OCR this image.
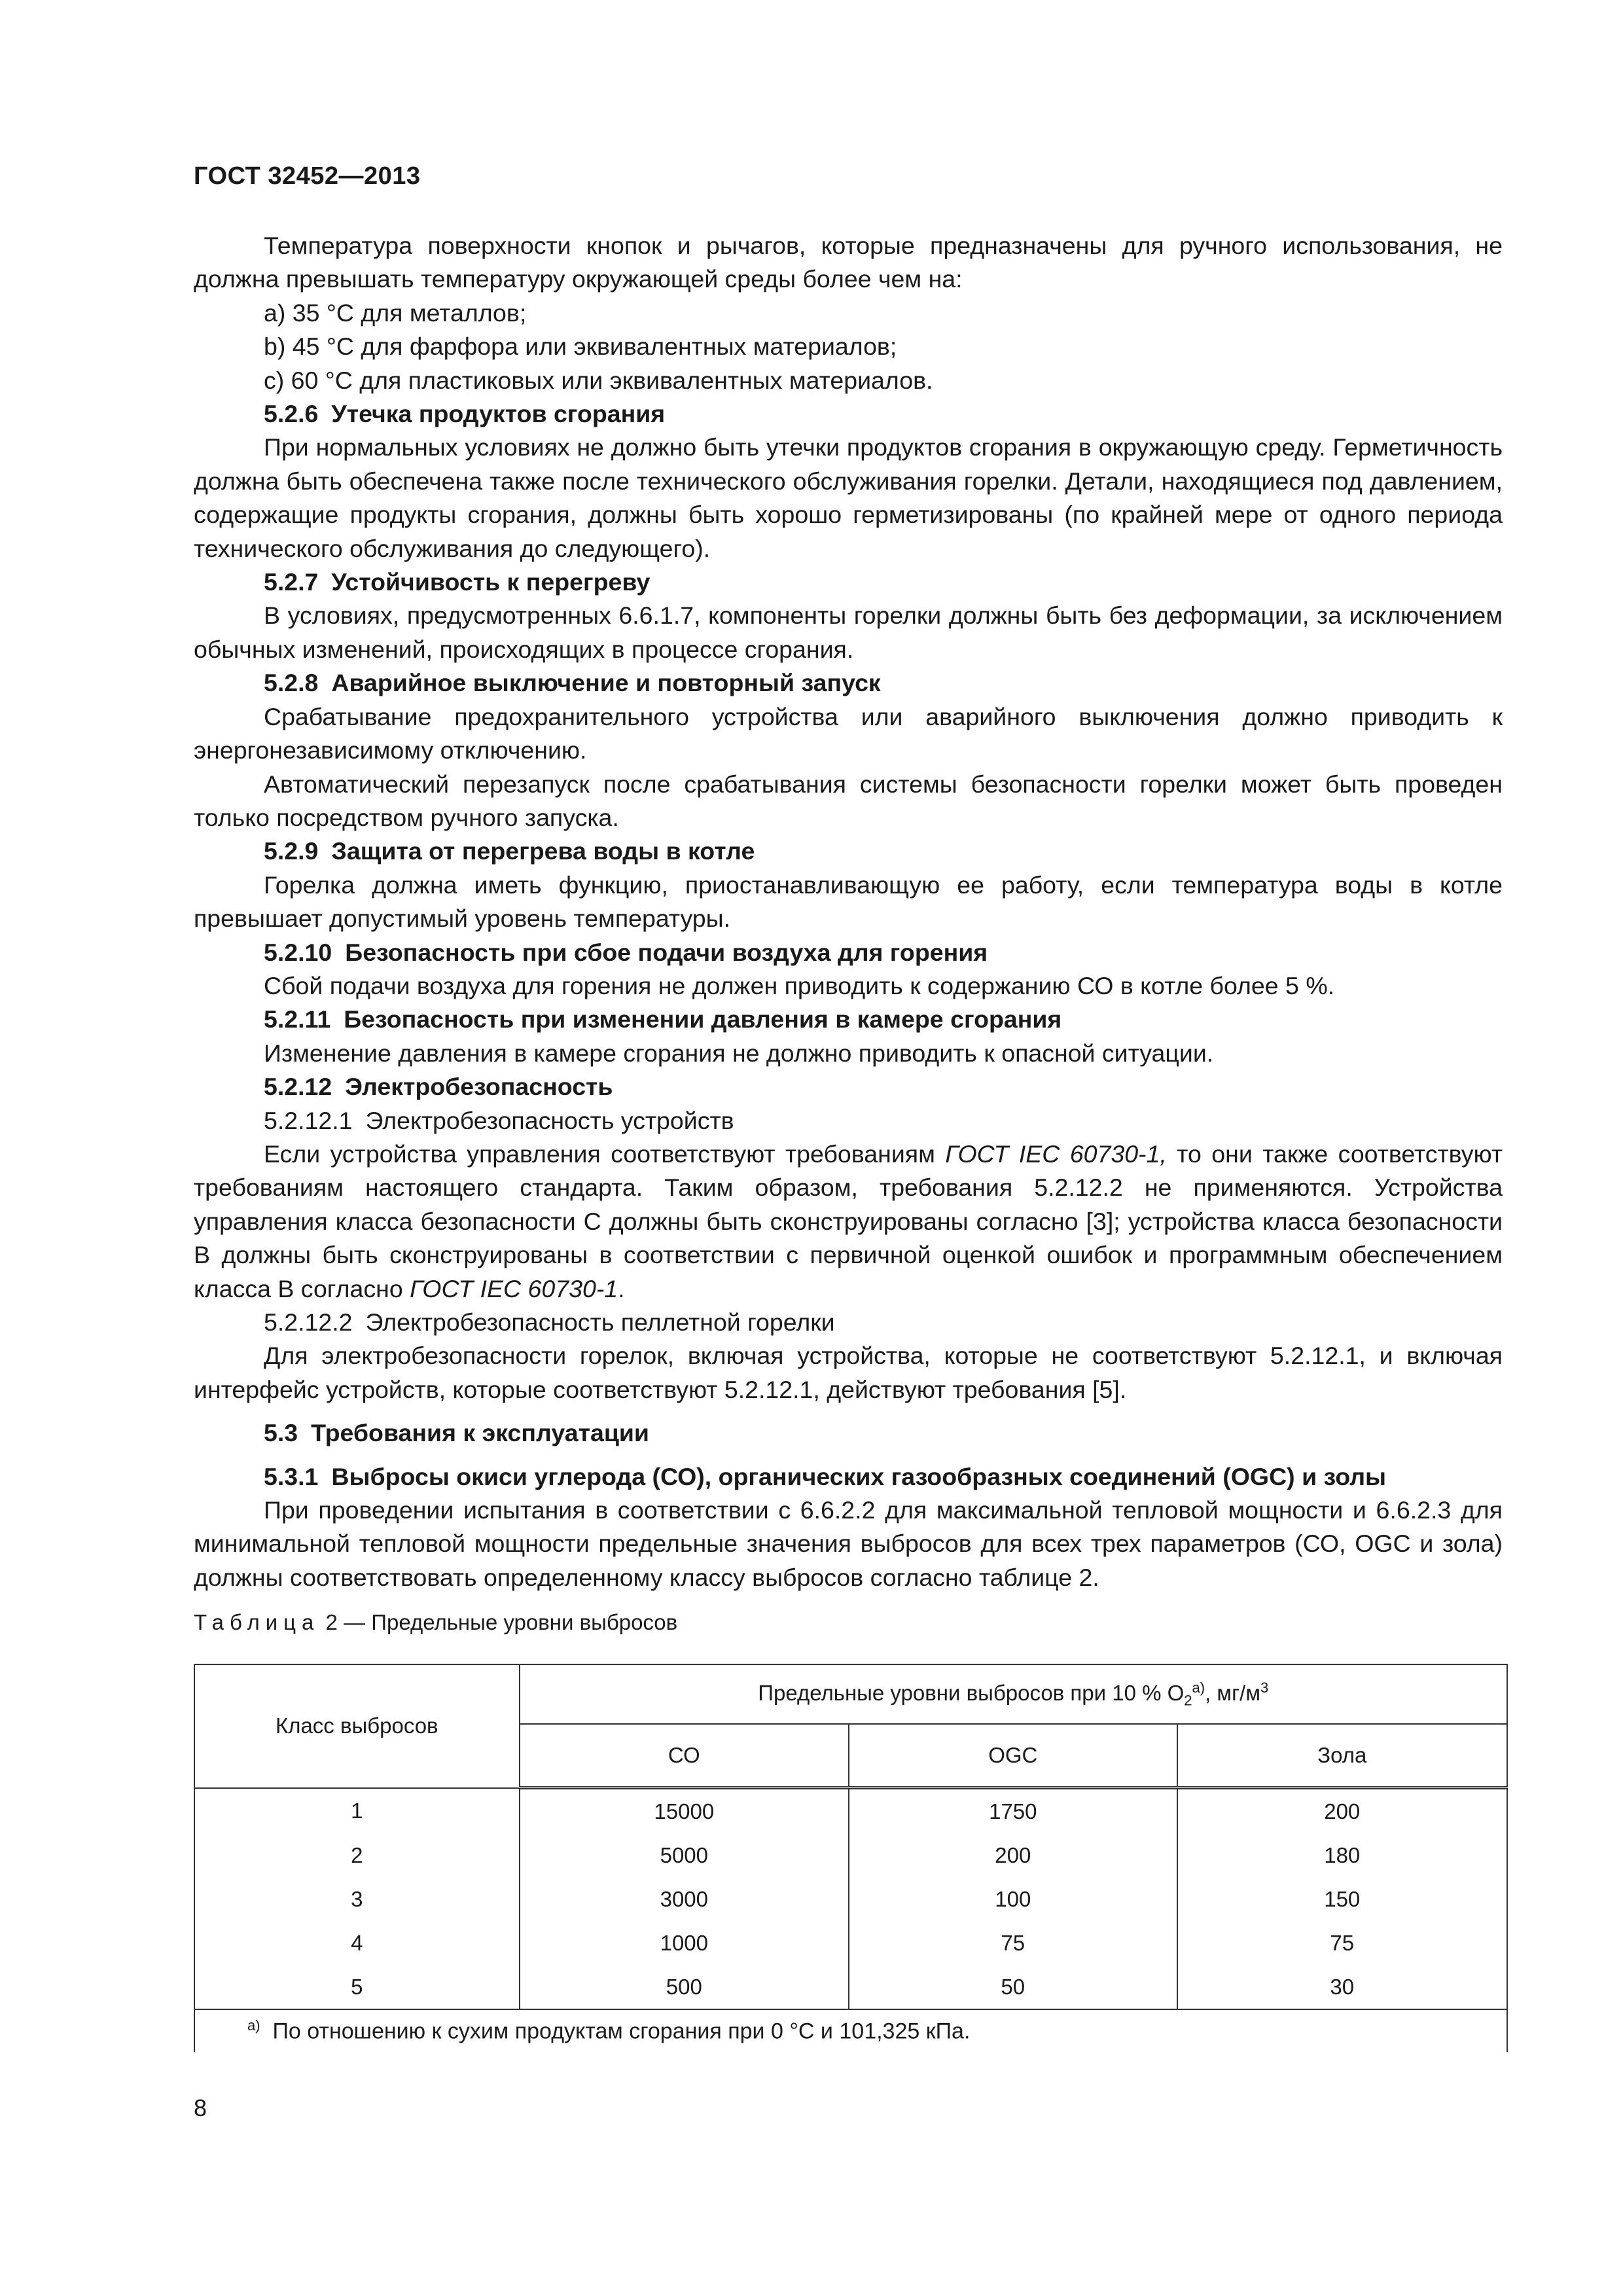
ГОСТ 32452—2013

Температура поверхности кнопок и рычагов, которые предназначены для ручного использования, не должна превышать температуру окружающей среды более чем на:

а) 35 °С для металлов;

b) 45 °С для фарфора или эквивалентных материалов;

с) 60 °С для пластиковых или эквивалентных материалов.

5.2.6 Утечка продуктов сгорания

При нормальных условиях не должно быть утечки продуктов сгорания в окружающую среду. Герметичность должна быть обеспечена также после технического обслуживания горелки. Детали, находящиеся под давлением, содержащие продукты сгорания, должны быть хорошо герметизированы (по крайней мере от одного периода технического обслуживания до следующего).

5.2.7 Устойчивость к перегреву

В условиях, предусмотренных 6.6.1.7, компоненты горелки должны быть без деформации, за исключением обычных изменений, происходящих в процессе сгорания.

5.2.8 Аварийное выключение и повторный запуск

Срабатывание предохранительного устройства или аварийного выключения должно приводить к энергонезависимому отключению.

Автоматический перезапуск после срабатывания системы безопасности горелки может быть проведен только посредством ручного запуска.

5.2.9 Защита от перегрева воды в котле

Горелка должна иметь функцию, приостанавливающую ее работу, если температура воды в котле превышает допустимый уровень температуры.

5.2.10 Безопасность при сбое подачи воздуха для горения

Сбой подачи воздуха для горения не должен приводить к содержанию СО в котле более 5 %.

5.2.11 Безопасность при изменении давления в камере сгорания

Изменение давления в камере сгорания не должно приводить к опасной ситуации.

5.2.12 Электробезопасность

5.2.12.1 Электробезопасность устройств

Если устройства управления соответствуют требованиям ГОСТ IEC 60730-1, то они также соответствуют требованиям настоящего стандарта. Таким образом, требования 5.2.12.2 не применяются. Устройства управления класса безопасности С должны быть сконструированы согласно [3]; устройства класса безопасности В должны быть сконструированы в соответствии с первичной оценкой ошибок и программным обеспечением класса В согласно ГОСТ IEC 60730-1.

5.2.12.2 Электробезопасность пеллетной горелки

Для электробезопасности горелок, включая устройства, которые не соответствуют 5.2.12.1, и включая интерфейс устройств, которые соответствуют 5.2.12.1, действуют требования [5].

5.3 Требования к эксплуатации

5.3.1 Выбросы окиси углерода (СО), органических газообразных соединений (OGC) и золы

При проведении испытания в соответствии с 6.6.2.2 для максимальной тепловой мощности и 6.6.2.3 для минимальной тепловой мощности предельные значения выбросов для всех трех параметров (СО, OGC и зола) должны соответствовать определенному классу выбросов согласно таблице 2.

Таблица 2 — Предельные уровни выбросов
Класс выбросов	Предельные уровни выбросов при 10 % $O_2^{а)}$, $мг/м^3$
	СО	OGC	Зола
1	15000	1750	200
2	5000	200	180
3	3000	100	150
4	1000	75	75
5	500	50	30
$^{а)}$ По отношению к сухим продуктам сгорания при 0 °С и 101,325 кПа.			
8
